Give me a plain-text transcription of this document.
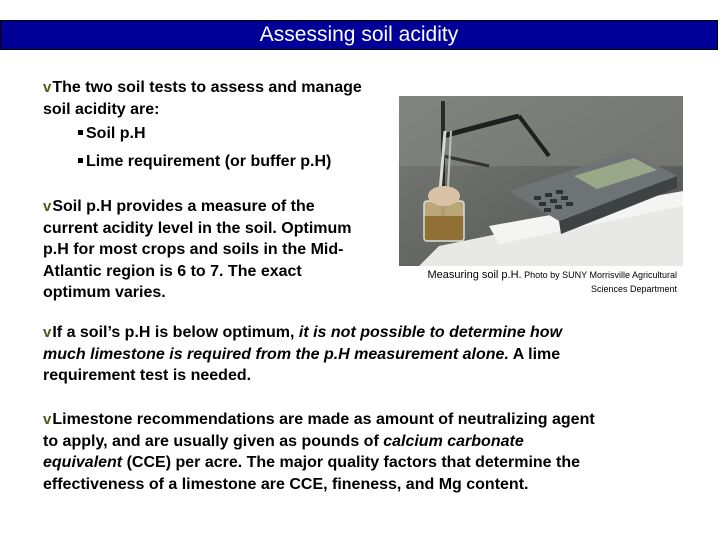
Assessing soil acidity
vThe two soil tests to assess and manage
soil acidity are:
Soil p.H
Lime requirement (or buffer p.H)
vSoil p.H provides a measure of the
current acidity level in the soil. Optimum
p.H for most crops and soils in the Mid-
Atlantic region is 6 to 7. The exact
optimum varies.
Measuring soil p.H. Photo by SUNY Morrisville Agricultural
Sciences Department
vIf a soil’s p.H is below optimum, it is not possible to determine how
much limestone is required from the p.H measurement alone. A lime
requirement test is needed.
vLimestone recommendations are made as amount of neutralizing agent
to apply, and are usually given as pounds of calcium carbonate
equivalent (CCE) per acre. The major quality factors that determine the
effectiveness of a limestone are CCE, fineness, and Mg content.
